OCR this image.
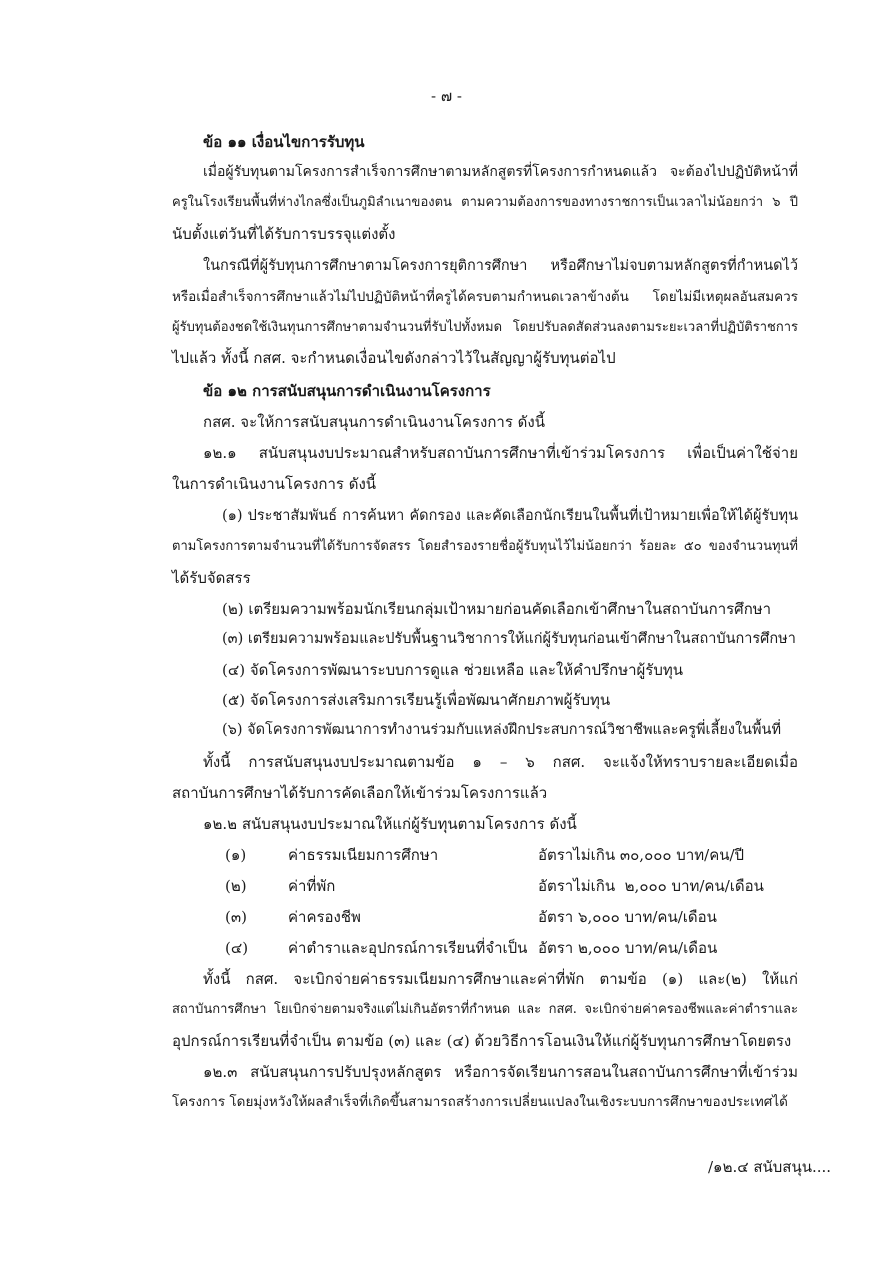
- ๗ -
ข้อ ๑๑ เงื่อนไขการรับทุน
เมื่อผู้รับทุนตามโครงการสำเร็จการศึกษาตามหลักสูตรที่โครงการกำหนดแล้ว จะต้องไปปฏิบัติหน้าที่
ครูในโรงเรียนพื้นที่ห่างไกลซึ่งเป็นภูมิลำเนาของตน ตามความต้องการของทางราชการเป็นเวลาไม่น้อยกว่า ๖ ปี
นับตั้งแต่วันที่ได้รับการบรรจุแต่งตั้ง
ในกรณีที่ผู้รับทุนการศึกษาตามโครงการยุติการศึกษา หรือศึกษาไม่จบตามหลักสูตรที่กำหนดไว้
หรือเมื่อสำเร็จการศึกษาแล้วไม่ไปปฏิบัติหน้าที่ครูได้ครบตามกำหนดเวลาข้างต้น โดยไม่มีเหตุผลอันสมควร
ผู้รับทุนต้องชดใช้เงินทุนการศึกษาตามจำนวนที่รับไปทั้งหมด โดยปรับลดสัดส่วนลงตามระยะเวลาที่ปฏิบัติราชการ
ไปแล้ว ทั้งนี้ กสศ. จะกำหนดเงื่อนไขดังกล่าวไว้ในสัญญาผู้รับทุนต่อไป
ข้อ ๑๒ การสนับสนุนการดำเนินงานโครงการ
กสศ. จะให้การสนับสนุนการดำเนินงานโครงการ ดังนี้
๑๒.๑ สนับสนุนงบประมาณสำหรับสถาบันการศึกษาที่เข้าร่วมโครงการ เพื่อเป็นค่าใช้จ่าย
ในการดำเนินงานโครงการ ดังนี้
(๑) ประชาสัมพันธ์ การค้นหา คัดกรอง และคัดเลือกนักเรียนในพื้นที่เป้าหมายเพื่อให้ได้ผู้รับทุน
ตามโครงการตามจำนวนที่ได้รับการจัดสรร โดยสำรองรายชื่อผู้รับทุนไว้ไม่น้อยกว่า ร้อยละ ๕๐ ของจำนวนทุนที่
ได้รับจัดสรร
(๒) เตรียมความพร้อมนักเรียนกลุ่มเป้าหมายก่อนคัดเลือกเข้าศึกษาในสถาบันการศึกษา
(๓) เตรียมความพร้อมและปรับพื้นฐานวิชาการให้แก่ผู้รับทุนก่อนเข้าศึกษาในสถาบันการศึกษา
(๔) จัดโครงการพัฒนาระบบการดูแล ช่วยเหลือ และให้คำปรึกษาผู้รับทุน
(๕) จัดโครงการส่งเสริมการเรียนรู้เพื่อพัฒนาศักยภาพผู้รับทุน
(๖) จัดโครงการพัฒนาการทำงานร่วมกับแหล่งฝึกประสบการณ์วิชาชีพและครูพี่เลี้ยงในพื้นที่
ทั้งนี้ การสนับสนุนงบประมาณตามข้อ ๑ – ๖ กสศ. จะแจ้งให้ทราบรายละเอียดเมื่อ
สถาบันการศึกษาได้รับการคัดเลือกให้เข้าร่วมโครงการแล้ว
๑๒.๒ สนับสนุนงบประมาณให้แก่ผู้รับทุนตามโครงการ ดังนี้
(๑)	ค่าธรรมเนียมการศึกษา	อัตราไม่เกิน ๓๐,๐๐๐ บาท/คน/ปี
(๒)	ค่าที่พัก	อัตราไม่เกิน  ๒,๐๐๐ บาท/คน/เดือน
(๓)	ค่าครองชีพ	อัตรา ๖,๐๐๐ บาท/คน/เดือน
(๔)	ค่าตำราและอุปกรณ์การเรียนที่จำเป็น อัตรา ๒,๐๐๐ บาท/คน/เดือน
ทั้งนี้ กสศ. จะเบิกจ่ายค่าธรรมเนียมการศึกษาและค่าที่พัก ตามข้อ (๑) และ(๒) ให้แก่
สถาบันการศึกษา โยเบิกจ่ายตามจริงแต่ไม่เกินอัตราที่กำหนด และ กสศ. จะเบิกจ่ายค่าครองชีพและค่าตำราและ
อุปกรณ์การเรียนที่จำเป็น ตามข้อ (๓) และ (๔) ด้วยวิธีการโอนเงินให้แก่ผู้รับทุนการศึกษาโดยตรง
๑๒.๓ สนับสนุนการปรับปรุงหลักสูตร หรือการจัดเรียนการสอนในสถาบันการศึกษาที่เข้าร่วม
โครงการ โดยมุ่งหวังให้ผลสำเร็จที่เกิดขึ้นสามารถสร้างการเปลี่ยนแปลงในเชิงระบบการศึกษาของประเทศได้
/๑๒.๔ สนับสนุน....
